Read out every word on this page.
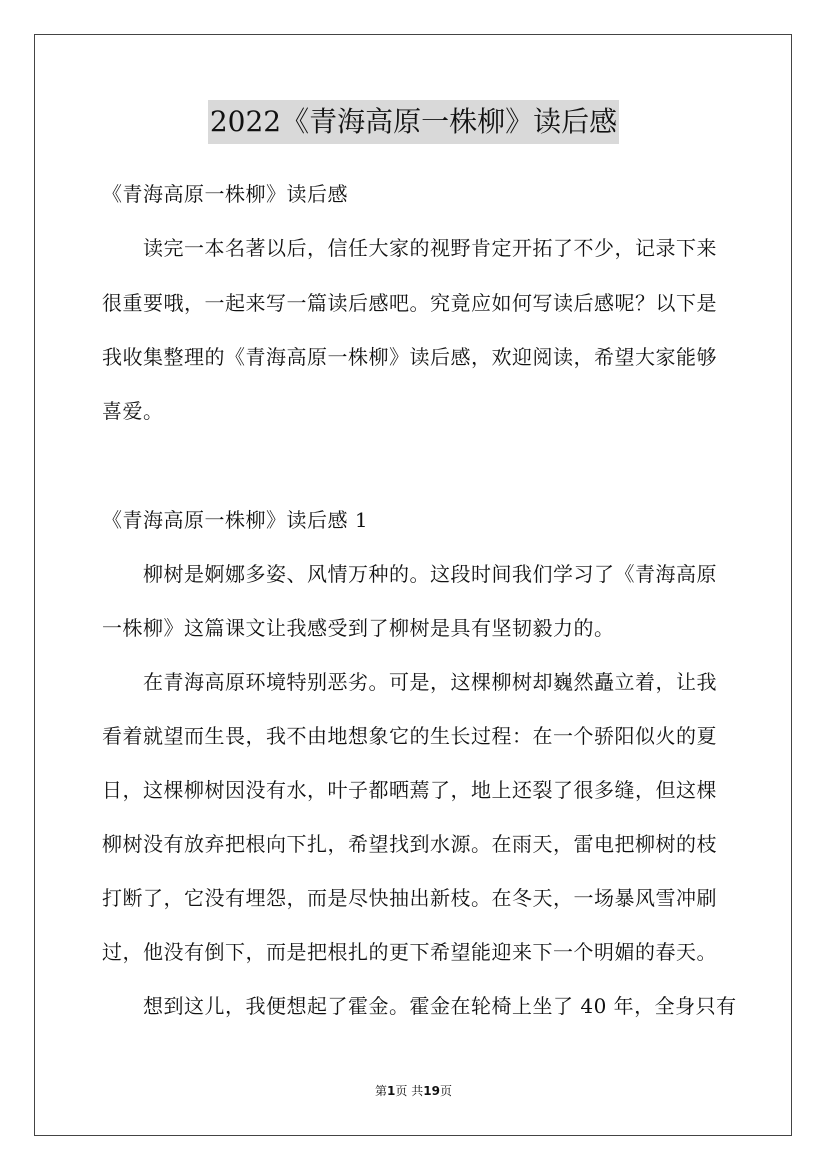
2022《青海高原一株柳》读后感
《青海高原一株柳》读后感
读完一本名著以后，信任大家的视野肯定开拓了不少，记录下来
很重要哦，一起来写一篇读后感吧。究竟应如何写读后感呢？以下是
我收集整理的《青海高原一株柳》读后感，欢迎阅读，希望大家能够
喜爱。
《青海高原一株柳》读后感 1
柳树是婀娜多姿、风情万种的。这段时间我们学习了《青海高原
一株柳》这篇课文让我感受到了柳树是具有坚韧毅力的。
在青海高原环境特别恶劣。可是，这棵柳树却巍然矗立着，让我
看着就望而生畏，我不由地想象它的生长过程：在一个骄阳似火的夏
日，这棵柳树因没有水，叶子都晒蔫了，地上还裂了很多缝，但这棵
柳树没有放弃把根向下扎，希望找到水源。在雨天，雷电把柳树的枝
打断了，它没有埋怨，而是尽快抽出新枝。在冬天，一场暴风雪冲刷
过，他没有倒下，而是把根扎的更下希望能迎来下一个明媚的春天。
想到这儿，我便想起了霍金。霍金在轮椅上坐了 40 年，全身只有
第1页 共19页
